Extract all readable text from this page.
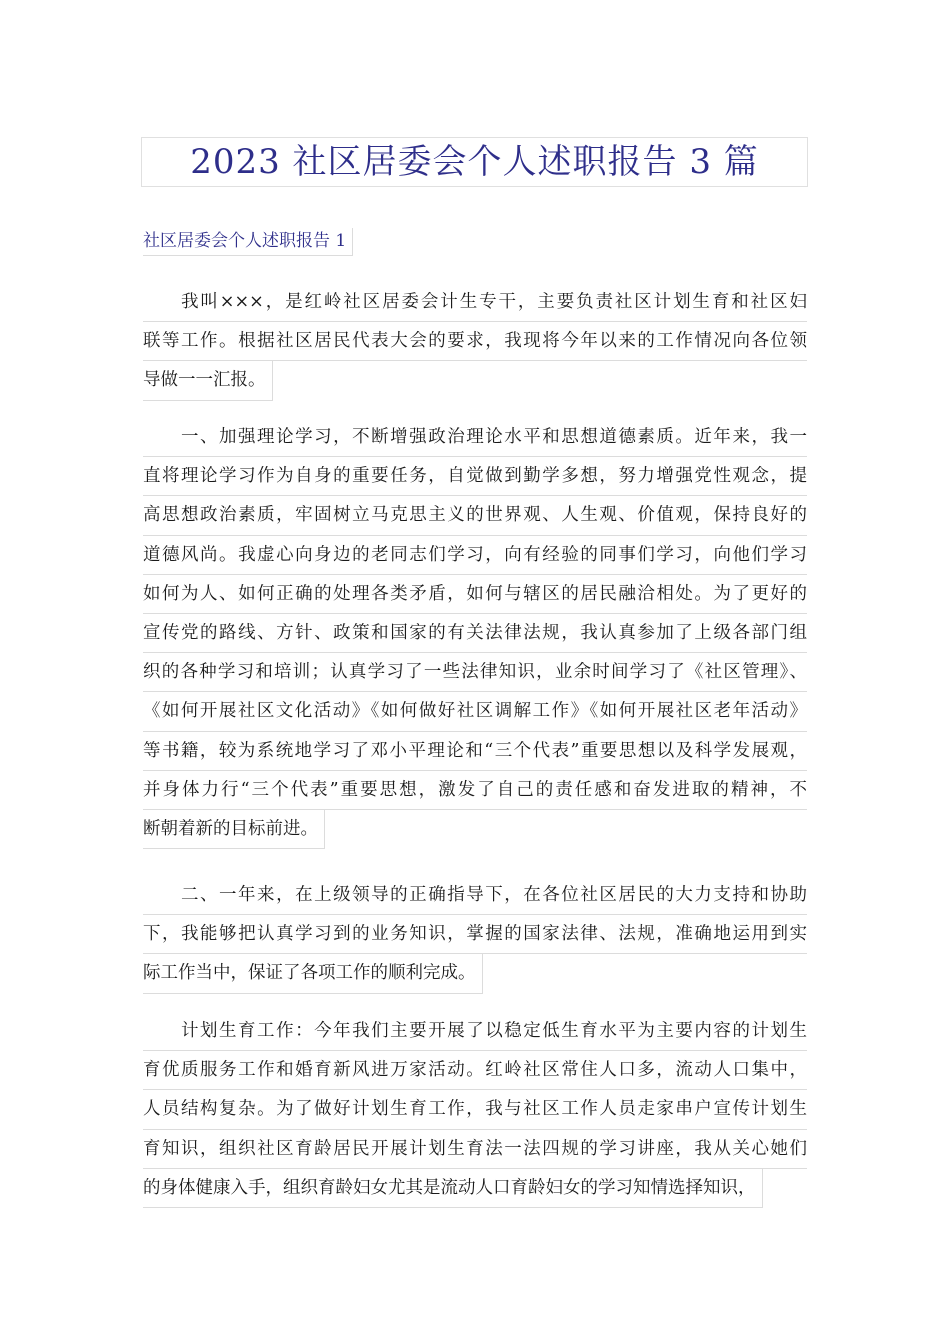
2023 社区居委会个人述职报告 3 篇
社区居委会个人述职报告 1
我叫×××，是红岭社区居委会计生专干，主要负责社区计划生育和社区妇
联等工作。根据社区居民代表大会的要求，我现将今年以来的工作情况向各位领
导做一一汇报。
一、加强理论学习，不断增强政治理论水平和思想道德素质。近年来，我一
直将理论学习作为自身的重要任务，自觉做到勤学多想，努力增强党性观念，提
高思想政治素质，牢固树立马克思主义的世界观、人生观、价值观，保持良好的
道德风尚。我虚心向身边的老同志们学习，向有经验的同事们学习，向他们学习
如何为人、如何正确的处理各类矛盾，如何与辖区的居民融洽相处。为了更好的
宣传党的路线、方针、政策和国家的有关法律法规，我认真参加了上级各部门组
织的各种学习和培训；认真学习了一些法律知识，业余时间学习了《社区管理》、
《如何开展社区文化活动》《如何做好社区调解工作》《如何开展社区老年活动》
等书籍，较为系统地学习了邓小平理论和“三个代表”重要思想以及科学发展观，
并身体力行“三个代表”重要思想，激发了自己的责任感和奋发进取的精神，不
断朝着新的目标前进。
二、一年来，在上级领导的正确指导下，在各位社区居民的大力支持和协助
下，我能够把认真学习到的业务知识，掌握的国家法律、法规，准确地运用到实
际工作当中，保证了各项工作的顺利完成。
计划生育工作：今年我们主要开展了以稳定低生育水平为主要内容的计划生
育优质服务工作和婚育新风进万家活动。红岭社区常住人口多，流动人口集中，
人员结构复杂。为了做好计划生育工作，我与社区工作人员走家串户宣传计划生
育知识，组织社区育龄居民开展计划生育法一法四规的学习讲座，我从关心她们
的身体健康入手，组织育龄妇女尤其是流动人口育龄妇女的学习知情选择知识，
